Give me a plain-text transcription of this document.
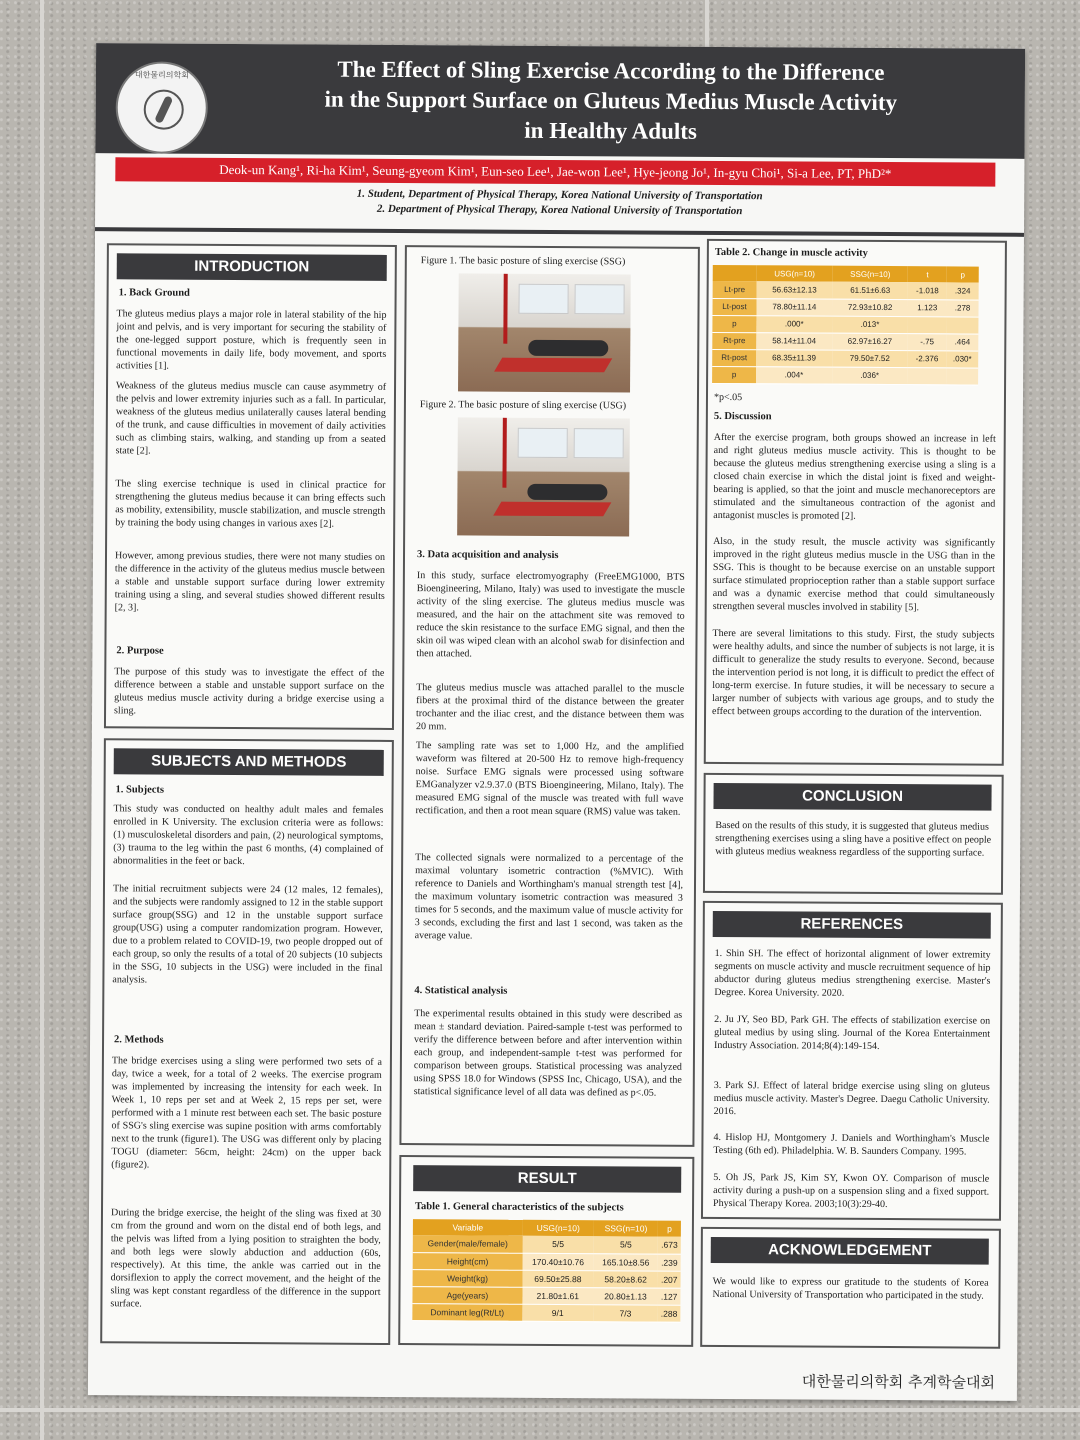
대한물리의학회	The Effect of Sling Exercise According to the Difference
in the Support Surface on Gluteus Medius Muscle Activity
in Healthy Adults
Deok-un Kang¹, Ri-ha Kim¹, Seung-gyeom Kim¹, Eun-seo Lee¹, Jae-won Lee¹, Hye-jeong Jo¹, In-gyu Choi¹, Si-a Lee, PT, PhD²*
1. Student, Department of Physical Therapy, Korea National University of Transportation
2. Department of Physical Therapy, Korea National University of Transportation
INTRODUCTION
1. Back Ground
The gluteus medius plays a major role in lateral stability of the hip joint and pelvis, and is very important for securing the stability of the one-legged support posture, which is frequently seen in functional movements in daily life, body movement, and sports activities [1].
Weakness of the gluteus medius muscle can cause asymmetry of the pelvis and lower extremity injuries such as a fall. In particular, weakness of the gluteus medius unilaterally causes lateral bending of the trunk, and cause difficulties in movement of daily activities such as climbing stairs, walking, and standing up from a seated state [2].
The sling exercise technique is used in clinical practice for strengthening the gluteus medius because it can bring effects such as mobility, extensibility, muscle stabilization, and muscle strength by training the body using changes in various axes [2].
However, among previous studies, there were not many studies on the difference in the activity of the gluteus medius muscle between a stable and unstable support surface during lower extremity training using a sling, and several studies showed different results [2, 3].
2. Purpose
The purpose of this study was to investigate the effect of the difference between a stable and unstable support surface on the gluteus medius muscle activity during a bridge exercise using a sling.
SUBJECTS AND METHODS
1. Subjects
This study was conducted on healthy adult males and females enrolled in K University. The exclusion criteria were as follows: (1) musculoskeletal disorders and pain, (2) neurological symptoms, (3) trauma to the leg within the past 6 months, (4) complained of abnormalities in the feet or back.
The initial recruitment subjects were 24 (12 males, 12 females), and the subjects were randomly assigned to 12 in the stable support surface group(SSG) and 12 in the unstable support surface group(USG) using a computer randomization program. However, due to a problem related to COVID-19, two people dropped out of each group, so only the results of a total of 20 subjects (10 subjects in the SSG, 10 subjects in the USG) were included in the final analysis.
2. Methods
The bridge exercises using a sling were performed two sets of a day, twice a week, for a total of 2 weeks. The exercise program was implemented by increasing the intensity for each week. In Week 1, 10 reps per set and at Week 2, 15 reps per set, were performed with a 1 minute rest between each set. The basic posture of SSG's sling exercise was supine position with arms comfortably next to the trunk (figure1). The USG was different only by placing TOGU (diameter: 56cm, height: 24cm) on the upper back (figure2).
During the bridge exercise, the height of the sling was fixed at 30 cm from the ground and worn on the distal end of both legs, and the pelvis was lifted from a lying position to straighten the body, and both legs were slowly abduction and adduction (60s, respectively). At this time, the ankle was carried out in the dorsiflexion to apply the correct movement, and the height of the sling was kept constant regardless of the difference in the support surface.
Figure 1. The basic posture of sling exercise (SSG)
Figure 2. The basic posture of sling exercise (USG)
3. Data acquisition and analysis
In this study, surface electromyography (FreeEMG1000, BTS Bioengineering, Milano, Italy) was used to investigate the muscle activity of the sling exercise. The gluteus medius muscle was measured, and the hair on the attachment site was removed to reduce the skin resistance to the surface EMG signal, and then the skin oil was wiped clean with an alcohol swab for disinfection and then attached.
The gluteus medius muscle was attached parallel to the muscle fibers at the proximal third of the distance between the greater trochanter and the iliac crest, and the distance between them was 20 mm.
The sampling rate was set to 1,000 Hz, and the amplified waveform was filtered at 20-500 Hz to remove high-frequency noise. Surface EMG signals were processed using software EMGanalyzer v2.9.37.0 (BTS Bioengineering, Milano, Italy). The measured EMG signal of the muscle was treated with full wave rectification, and then a root mean square (RMS) value was taken.
The collected signals were normalized to a percentage of the maximal voluntary isometric contraction (%MVIC). With reference to Daniels and Worthingham's manual strength test [4], the maximum voluntary isometric contraction was measured 3 times for 5 seconds, and the maximum value of muscle activity for 3 seconds, excluding the first and last 1 second, was taken as the average value.
4. Statistical analysis
The experimental results obtained in this study were described as mean ± standard deviation. Paired-sample t-test was performed to verify the difference between before and after intervention within each group, and independent-sample t-test was performed for comparison between groups. Statistical processing was analyzed using SPSS 18.0 for Windows (SPSS Inc, Chicago, USA), and the statistical significance level of all data was defined as p<.05.
RESULT
Table 1. General characteristics of the subjects
Variable	USG(n=10)	SSG(n=10)	p
Gender(male/female)	5/5	5/5	.673
Height(cm)	170.40±10.76	165.10±8.56	.239
Weight(kg)	69.50±25.88	58.20±8.62	.207
Age(years)	21.80±1.61	20.80±1.13	.127
Dominant leg(Rt/Lt)	9/1	7/3	.288
Table 2. Change in muscle activity
	USG(n=10)	SSG(n=10)	t	p
Lt-pre	56.63±12.13	61.51±6.63	-1.018	.324
Lt-post	78.80±11.14	72.93±10.82	1.123	.278
p	.000*	.013*		
Rt-pre	58.14±11.04	62.97±16.27	-.75	.464
Rt-post	68.35±11.39	79.50±7.52	-2.376	.030*
p	.004*	.036*		
*p<.05
5. Discussion
After the exercise program, both groups showed an increase in left and right gluteus medius muscle activity. This is thought to be because the gluteus medius strengthening exercise using a sling is a closed chain exercise in which the distal joint is fixed and weight-bearing is applied, so that the joint and muscle mechanoreceptors are stimulated and the simultaneous contraction of the agonist and antagonist muscles is promoted [2].
Also, in the study result, the muscle activity was significantly improved in the right gluteus medius muscle in the USG than in the SSG. This is thought to be because exercise on an unstable support surface stimulated proprioception rather than a stable support surface and was a dynamic exercise method that could simultaneously strengthen several muscles involved in stability [5].
There are several limitations to this study. First, the study subjects were healthy adults, and since the number of subjects is not large, it is difficult to generalize the study results to everyone. Second, because the intervention period is not long, it is difficult to predict the effect of long-term exercise. In future studies, it will be necessary to secure a larger number of subjects with various age groups, and to study the effect between groups according to the duration of the intervention.
CONCLUSION
Based on the results of this study, it is suggested that gluteus medius strengthening exercises using a sling have a positive effect on people with gluteus medius weakness regardless of the supporting surface.
REFERENCES
1. Shin SH. The effect of horizontal alignment of lower extremity segments on muscle activity and muscle recruitment sequence of hip abductor during gluteus medius strengthening exercise. Master's Degree. Korea University. 2020.
2. Ju JY, Seo BD, Park GH. The effects of stabilization exercise on gluteal medius by using sling. Journal of the Korea Entertainment Industry Association. 2014;8(4):149-154.
3. Park SJ. Effect of lateral bridge exercise using sling on gluteus medius muscle activity. Master's Degree. Daegu Catholic University. 2016.
4. Hislop HJ, Montgomery J. Daniels and Worthingham's Muscle Testing (6th ed). Philadelphia. W. B. Saunders Company. 1995.
5. Oh JS, Park JS, Kim SY, Kwon OY. Comparison of muscle activity during a push-up on a suspension sling and a fixed support. Physical Therapy Korea. 2003;10(3):29-40.
ACKNOWLEDGEMENT
We would like to express our gratitude to the students of Korea National University of Transportation who participated in the study.
대한물리의학회 추계학술대회
